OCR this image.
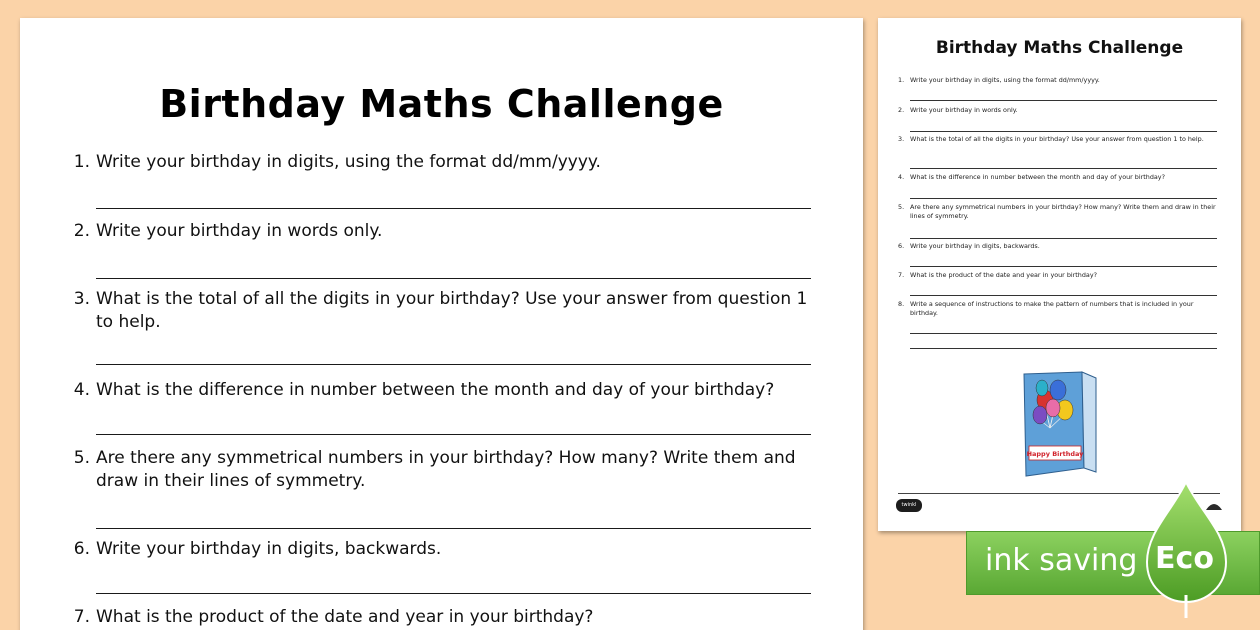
Birthday Maths Challenge
1. Write your birthday in digits, using the format dd/mm/yyyy.
2. Write your birthday in words only.
3. What is the total of all the digits in your birthday? Use your answer from question 1 to help.
4. What is the difference in number between the month and day of your birthday?
5. Are there any symmetrical numbers in your birthday? How many? Write them and draw in their lines of symmetry.
6. Write your birthday in digits, backwards.
7. What is the product of the date and year in your birthday?
Birthday Maths Challenge
1. Write your birthday in digits, using the format dd/mm/yyyy.
2. Write your birthday in words only.
3. What is the total of all the digits in your birthday? Use your answer from question 1 to help.
4. What is the difference in number between the month and day of your birthday?
5. Are there any symmetrical numbers in your birthday? How many? Write them and draw in their lines of symmetry.
6. Write your birthday in digits, backwards.
7. What is the product of the date and year in your birthday?
8. Write a sequence of instructions to make the pattern of numbers that is included in your birthday.
Happy Birthday
twinkl
ink saving Eco
